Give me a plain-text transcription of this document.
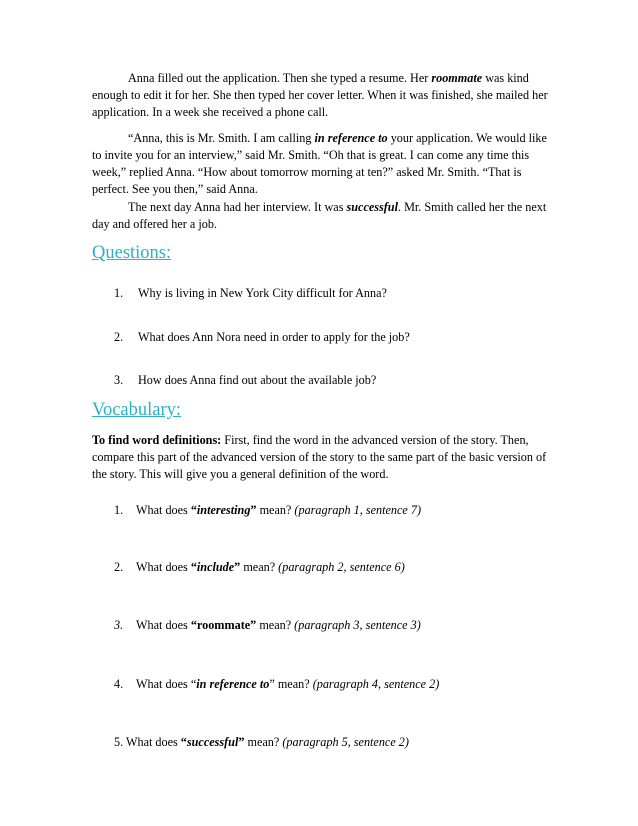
Anna filled out the application. Then she typed a resume. Her roommate was kind enough to edit it for her. She then typed her cover letter. When it was finished, she mailed her application. In a week she received a phone call.

“Anna, this is Mr. Smith. I am calling in reference to your application. We would like to invite you for an interview,” said Mr. Smith. “Oh that is great. I can come any time this week,” replied Anna. “How about tomorrow morning at ten?” asked Mr. Smith. “That is perfect. See you then,” said Anna.

The next day Anna had her interview. It was successful. Mr. Smith called her the next day and offered her a job.

Questions:

1. Why is living in New York City difficult for Anna?

2. What does Ann Nora need in order to apply for the job?

3. How does Anna find out about the available job?

Vocabulary:

To find word definitions: First, find the word in the advanced version of the story. Then, compare this part of the advanced version of the story to the same part of the basic version of the story. This will give you a general definition of the word.

1. What does “interesting” mean? (paragraph 1, sentence 7)

2. What does “include” mean? (paragraph 2, sentence 6)

3. What does “roommate” mean? (paragraph 3, sentence 3)

4. What does “in reference to” mean? (paragraph 4, sentence 2)

5. What does “successful” mean? (paragraph 5, sentence 2)
